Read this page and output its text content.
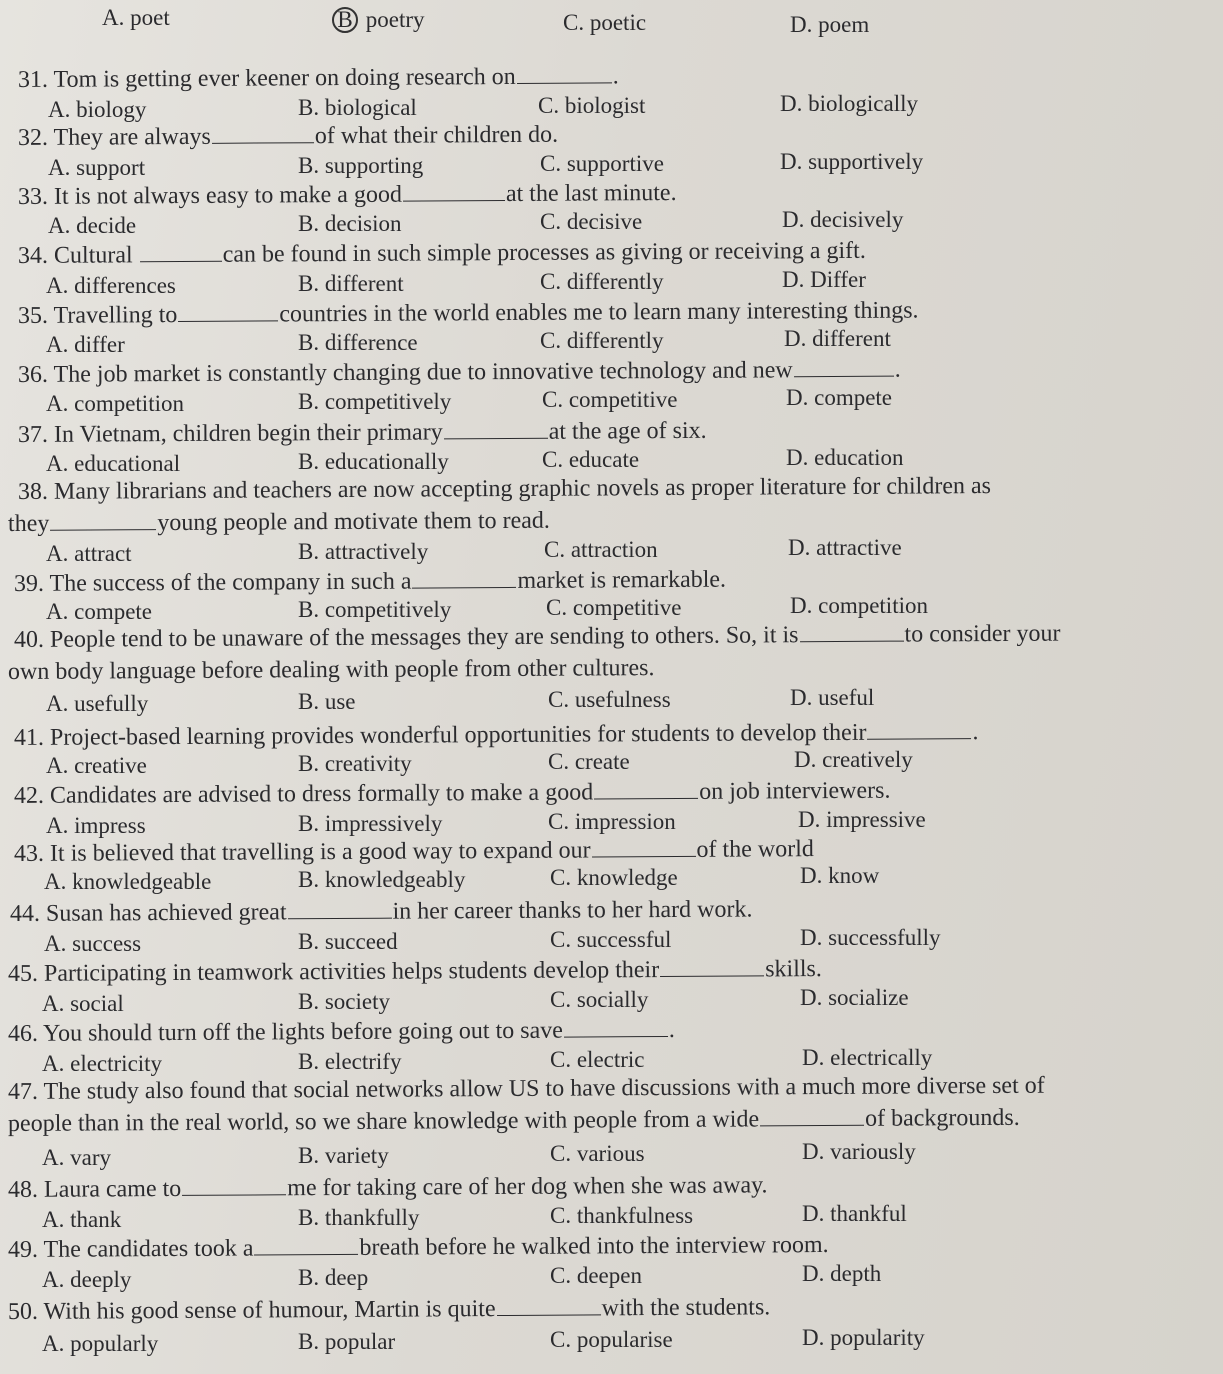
A. poet	B poetry	C. poetic	D. poem
31. Tom is getting ever keener on doing research on	.
A. biology	B. biological	C. biologist	D. biologically
32. They are always	of what their children do.
A. support	B. supporting	C. supportive	D. supportively
33. It is not always easy to make a good	at the last minute.
A. decide	B. decision	C. decisive	D. decisively
34. Cultural	can be found in such simple processes as giving or receiving a gift.
A. differences	B. different	C. differently	D. Differ
35. Travelling to	countries in the world enables me to learn many interesting things.
A. differ	B. difference	C. differently	D. different
36. The job market is constantly changing due to innovative technology and new	.
A. competition	B. competitively	C. competitive	D. compete
37. In Vietnam, children begin their primary	at the age of six.
A. educational	B. educationally	C. educate	D. education
38. Many librarians and teachers are now accepting graphic novels as proper literature for children as
they	young people and motivate them to read.
A. attract	B. attractively	C. attraction	D. attractive
39. The success of the company in such a	market is remarkable.
A. compete	B. competitively	C. competitive	D. competition
40. People tend to be unaware of the messages they are sending to others. So, it is	to consider your
own body language before dealing with people from other cultures.
A. usefully	B. use	C. usefulness	D. useful
41. Project-based learning provides wonderful opportunities for students to develop their	.
A. creative	B. creativity	C. create	D. creatively
42. Candidates are advised to dress formally to make a good	on job interviewers.
A. impress	B. impressively	C. impression	D. impressive
43. It is believed that travelling is a good way to expand our	of the world
A. knowledgeable	B. knowledgeably	C. knowledge	D. know
44. Susan has achieved great	in her career thanks to her hard work.
A. success	B. succeed	C. successful	D. successfully
45. Participating in teamwork activities helps students develop their	skills.
A. social	B. society	C. socially	D. socialize
46. You should turn off the lights before going out to save	.
A. electricity	B. electrify	C. electric	D. electrically
47. The study also found that social networks allow US to have discussions with a much more diverse set of
people than in the real world, so we share knowledge with people from a wide	of backgrounds.
A. vary	B. variety	C. various	D. variously
48. Laura came to	me for taking care of her dog when she was away.
A. thank	B. thankfully	C. thankfulness	D. thankful
49. The candidates took a	breath before he walked into the interview room.
A. deeply	B. deep	C. deepen	D. depth
50. With his good sense of humour, Martin is quite	with the students.
A. popularly	B. popular	C. popularise	D. popularity
